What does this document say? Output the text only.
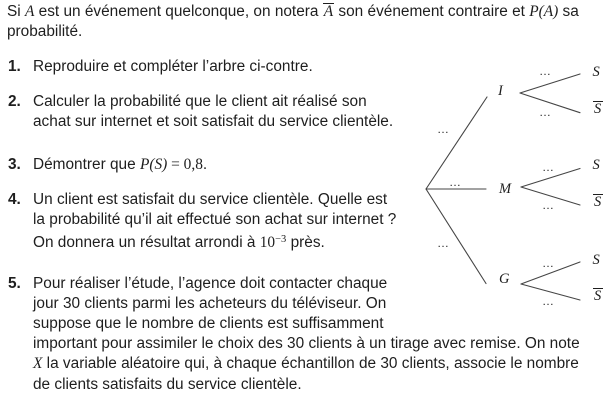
Si A est un événement quelconque, on notera A son événement contraire et P(A) sa
probabilité.
1. Reproduire et compléter l’arbre ci-contre.
2. Calculer la probabilité que le client ait réalisé son
achat sur internet et soit satisfait du service clientèle.
3. Démontrer que P(S) = 0,8.
4. Un client est satisfait du service clientèle. Quelle est
la probabilité qu’il ait effectué son achat sur internet ?
On donnera un résultat arrondi à $10^{-3}$ près.
5. Pour réaliser l’étude, l’agence doit contacter chaque
jour 30 clients parmi les acheteurs du téléviseur. On
suppose que le nombre de clients est suffisamment
important pour assimiler le choix des 30 clients à un tirage avec remise. On note
X la variable aléatoire qui, à chaque échantillon de 30 clients, associe le nombre
de clients satisfaits du service clientèle.
I
M
G
…
…
…
…
…
…
…
…
…
S
S
S
S
S
S
